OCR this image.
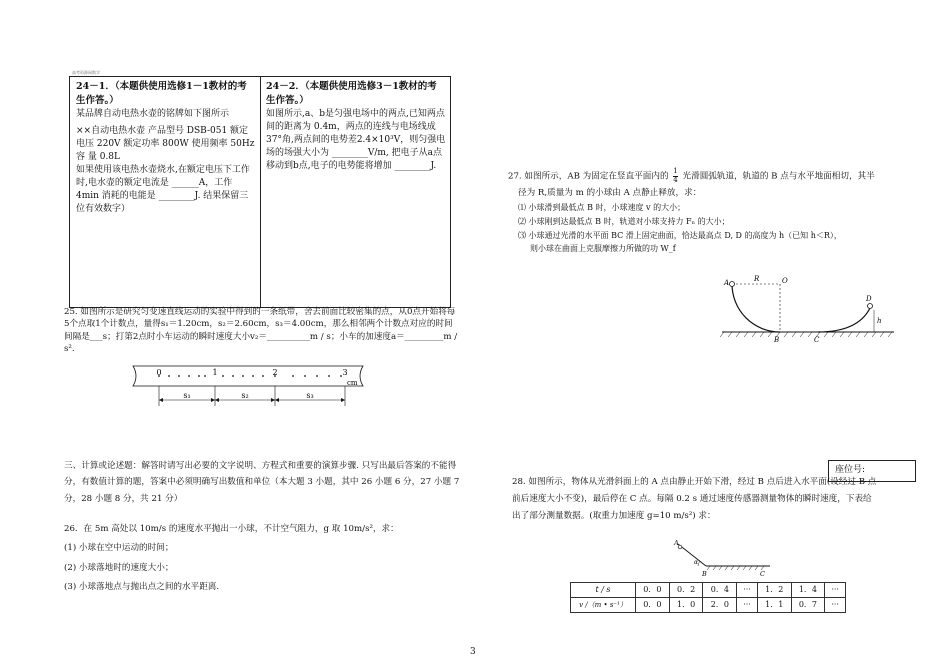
高考资源网数学
24－1．（本题供使用选修1－1教材的考生作答。）
某品牌自动电热水壶的铭牌如下图所示
××自动电热水壶 产品型号 DSB-051 额定电压 220V 额定功率 800W 使用频率 50Hz 容 量 0.8L
如果使用该电热水壶烧水,在额定电压下工作时,电水壶的额定电流是 ______A，工作 4min 消耗的电能是 ________J. 结果保留三位有效数字）
24－2．（本题供使用选修3－1教材的考生作答。）
如图所示,a、b是匀强电场中的两点,已知两点间的距离为 0.4m，两点的连线与电场线成37°角,两点间的电势差2.4×10³V，则匀强电场的场强大小为 ________V/m, 把电子从a点移动到b点,电子的电势能将增加 ________J.
25. 如图所示是研究匀变速直线运动的实验中得到的一条纸带，舍去前面比较密集的点，从0点开始将每5个点取1个计数点，量得s₁＝1.20cm，s₂＝2.60cm，s₃＝4.00cm，那么相邻两个计数点对应的时间间隔是___s；打第2点时小车运动的瞬时速度大小v₂＝__________m / s；小车的加速度a＝_________m / s².
0	1	2	3
cm
s₁	s₂	s₃
三、计算或论述题：解答时请写出必要的文字说明、方程式和重要的演算步骤. 只写出最后答案的不能得分，有数值计算的题，答案中必须明确写出数值和单位（本大题 3 小题，其中 26 小题 6 分，27 小题 7 分，28 小题 8 分，共 21 分）
26．在 5m 高处以 10m/s 的速度水平抛出一小球，不计空气阻力，g 取 10m/s²，求：
(1) 小球在空中运动的时间；
(2) 小球落地时的速度大小；
(3) 小球落地点与抛出点之间的水平距离.
27. 如图所示，AB 为固定在竖直平面内的 $\frac{1}{4}$ 光滑圆弧轨道，轨道的 B 点与水平地面相切，其半
径为 R,质量为 m 的小球由 A 点静止释放，求：
⑴ 小球滑到最低点 B 时，小球速度 v 的大小；
⑵ 小球刚到达最低点 B 时，轨道对小球支持力 Fₙ 的大小；
⑶ 小球通过光滑的水平面 BC 滑上固定曲面，恰达最高点 D, D 的高度为 h（已知 h＜R），
则小球在曲面上克服摩擦力所做的功 W_f
A	R	O
B	C
D
h
座位号:
28. 如图所示，物体从光滑斜面上的 A 点由静止开始下滑，经过 B 点后进入水平面(设经过 B 点
前后速度大小不变)，最后停在 C 点。每隔 0.2 s 通过速度传感器测量物体的瞬时速度，下表给
出了部分测量数据。(取重力加速度 g=10 m/s²) 求：
A
B	C
α
t / s	0．0	0．2	0．4	···	1．2	1．4	···
v /（m • s⁻¹）	0．0	1．0	2．0	···	1．1	0．7	···
3
